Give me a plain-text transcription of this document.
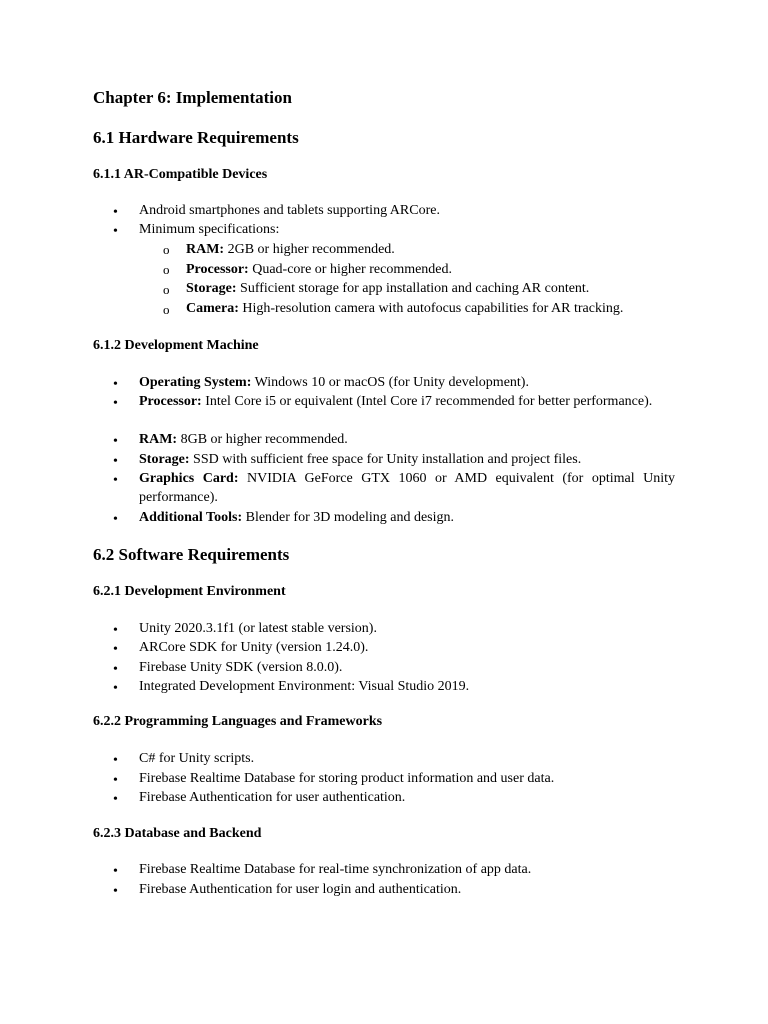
Chapter 6: Implementation
6.1 Hardware Requirements
6.1.1 AR-Compatible Devices
• Android smartphones and tablets supporting ARCore.
• Minimum specifications:
o RAM: 2GB or higher recommended.
o Processor: Quad-core or higher recommended.
o Storage: Sufficient storage for app installation and caching AR content.
o Camera: High-resolution camera with autofocus capabilities for AR tracking.
6.1.2 Development Machine
• Operating System: Windows 10 or macOS (for Unity development).
• Processor: Intel Core i5 or equivalent (Intel Core i7 recommended for better performance).
• RAM: 8GB or higher recommended.
• Storage: SSD with sufficient free space for Unity installation and project files.
• Graphics Card: NVIDIA GeForce GTX 1060 or AMD equivalent (for optimal Unity performance).
• Additional Tools: Blender for 3D modeling and design.
6.2 Software Requirements
6.2.1 Development Environment
• Unity 2020.3.1f1 (or latest stable version).
• ARCore SDK for Unity (version 1.24.0).
• Firebase Unity SDK (version 8.0.0).
• Integrated Development Environment: Visual Studio 2019.
6.2.2 Programming Languages and Frameworks
• C# for Unity scripts.
• Firebase Realtime Database for storing product information and user data.
• Firebase Authentication for user authentication.
6.2.3 Database and Backend
• Firebase Realtime Database for real-time synchronization of app data.
• Firebase Authentication for user login and authentication.
